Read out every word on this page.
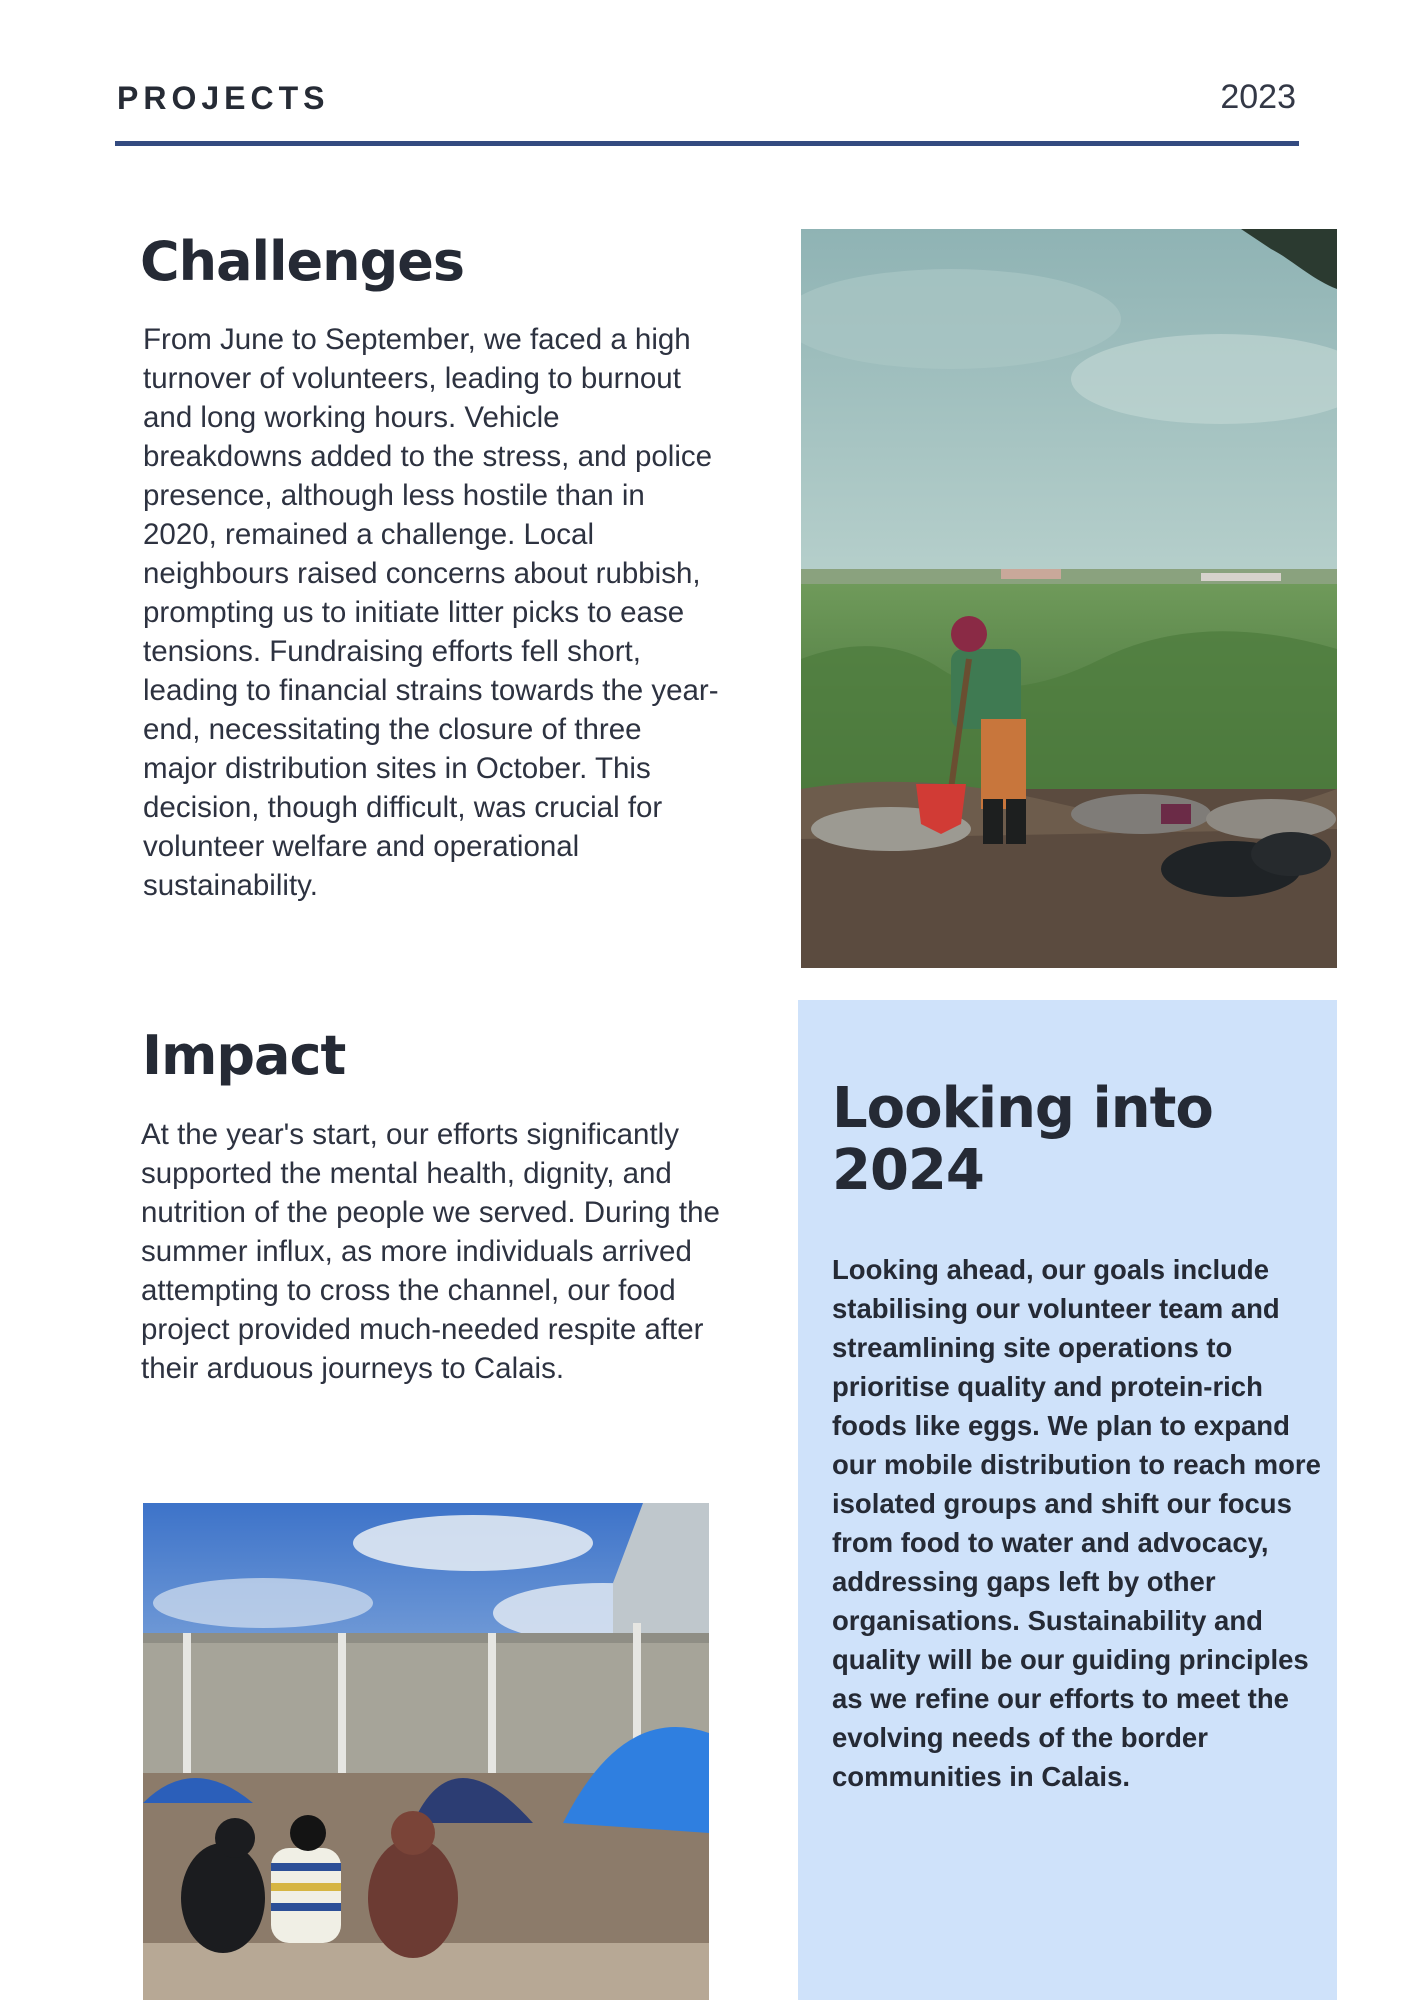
PROJECTS	2023
Challenges
From June to September, we faced a high turnover of volunteers, leading to burnout and long working hours. Vehicle breakdowns added to the stress, and police presence, although less hostile than in 2020, remained a challenge. Local neighbours raised concerns about rubbish, prompting us to initiate litter picks to ease tensions. Fundraising efforts fell short, leading to financial strains towards the year-end, necessitating the closure of three major distribution sites in October. This decision, though difficult, was crucial for volunteer welfare and operational sustainability.
Impact
At the year's start, our efforts significantly supported the mental health, dignity, and nutrition of the people we served. During the summer influx, as more individuals arrived attempting to cross the channel, our food project provided much-needed respite after their arduous journeys to Calais.
Looking into 2024
Looking ahead, our goals include stabilising our volunteer team and streamlining site operations to prioritise quality and protein-rich foods like eggs. We plan to expand our mobile distribution to reach more isolated groups and shift our focus from food to water and advocacy, addressing gaps left by other organisations. Sustainability and quality will be our guiding principles as we refine our efforts to meet the evolving needs of the border communities in Calais.
